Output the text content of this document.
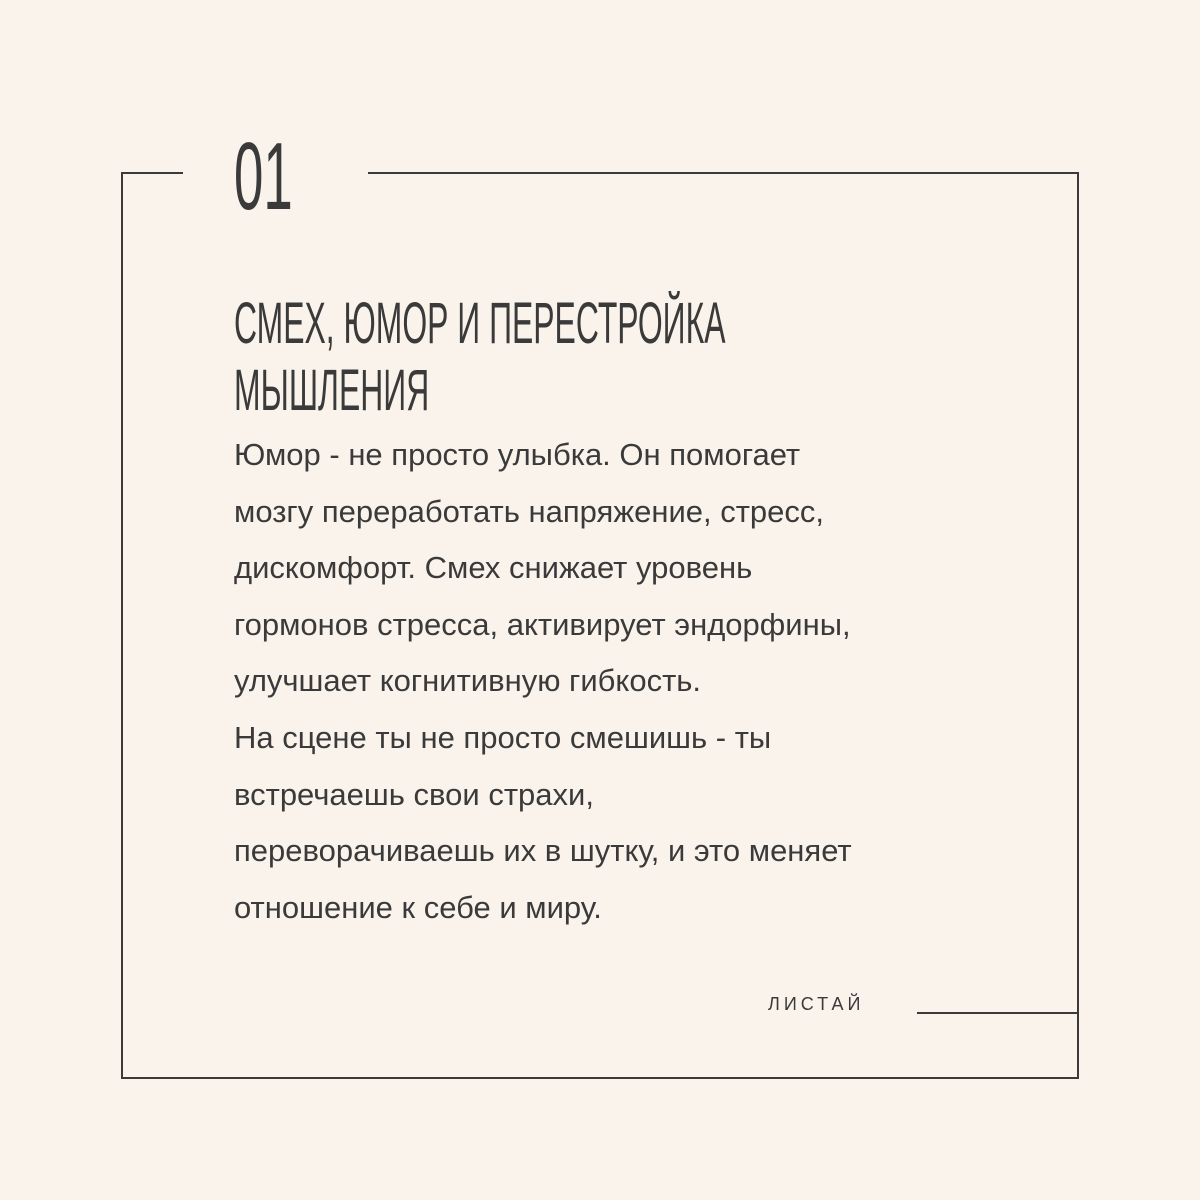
01
СМЕХ, ЮМОР И ПЕРЕСТРОЙКА
МЫШЛЕНИЯ

Юмор - не просто улыбка. Он помогает

мозгу переработать напряжение, стресс,

дискомфорт. Смех снижает уровень

гормонов стресса, активирует эндорфины,

улучшает когнитивную гибкость.

На сцене ты не просто смешишь - ты

встречаешь свои страхи,

переворачиваешь их в шутку, и это меняет

отношение к себе и миру.

ЛИСТАЙ
